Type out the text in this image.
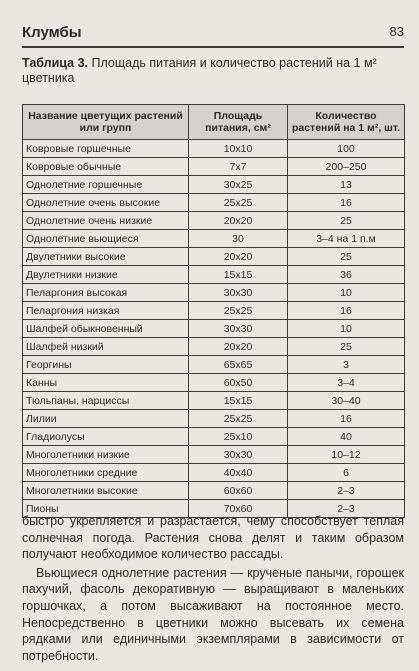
Клумбы	83
Таблица 3. Площадь питания и количество растений на 1 м² цветника
Название цветущих растений или групп	Площадь питания, см²	Количество растений на 1 м², шт.
Ковровые горшечные	10x10	100
Ковровые обычные	7x7	200–250
Однолетние горшечные	30x25	13
Однолетние очень высокие	25x25	16
Однолетние очень низкие	20x20	25
Однолетние вьющиеся	30	3–4 на 1 п.м
Двулетники высокие	20x20	25
Двулетники низкие	15x15	36
Пеларгония высокая	30x30	10
Пеларгония низкая	25x25	16
Шалфей обыкновенный	30x30	10
Шалфей низкий	20x20	25
Георгины	65x65	3
Канны	60x50	3–4
Тюльпаны, нарциссы	15x15	30–40
Лилии	25x25	16
Гладиолусы	25x10	40
Многолетники низкие	30x30	10–12
Многолетники средние	40x40	6
Многолетники высокие	60x60	2–3
Пионы	70x60	2–3

быстро укрепляется и разрастается, чему способствует теплая солнечная погода. Растения снова делят и таким образом получают необходимое количество рассады.

Вьющиеся однолетние растения — крученые панычи, горошек пахучий, фасоль декоративную — выращивают в маленьких горшочках, а потом высаживают на постоянное место. Непосредственно в цветники можно высевать их семена рядками или единичными экземплярами в зависимости от потребности.
